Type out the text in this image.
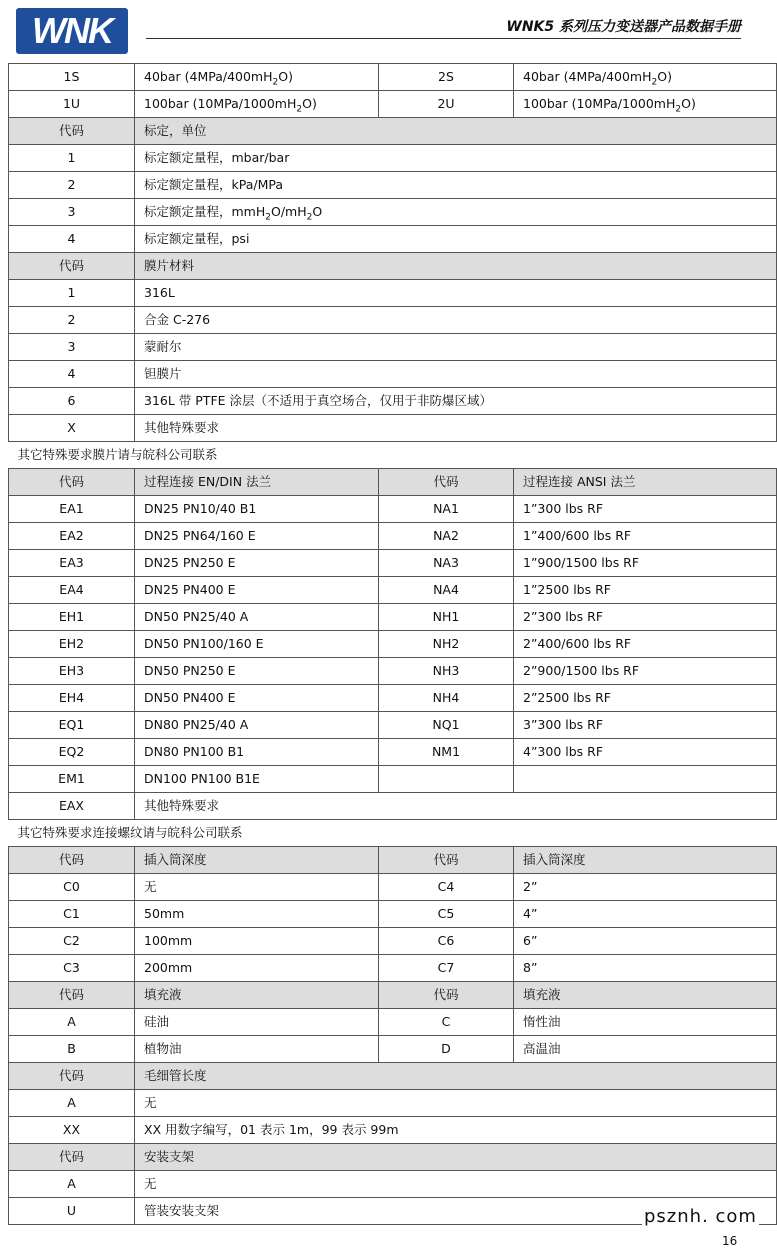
WNK	WNK5 系列压力变送器产品数据手册
1S	40bar $(4MPa/400mH_2O)$	2S	40bar $(4MPa/400mH_2O)$
1U	100bar $(10MPa/1000mH_2O)$	2U	100bar $(10MPa/1000mH_2O)$
代码	标定，单位		
1	标定额定量程，mbar/bar		
2	标定额定量程，kPa/MPa		
3	标定额定量程，$mmH_2O/mH_2O$		
4	标定额定量程，psi		
代码	膜片材料		
1	316L		
2	合金 C-276		
3	蒙耐尔		
4	钽膜片		
6	316L 带 PTFE 涂层（不适用于真空场合，仅用于非防爆区域）		
X	其他特殊要求		
其它特殊要求膜片请与皖科公司联系			
代码	过程连接 EN/DIN 法兰	代码	过程连接 ANSI 法兰
EA1	DN25 PN10/40 B1	NA1	1”300 lbs RF
EA2	DN25 PN64/160 E	NA2	1”400/600 lbs RF
EA3	DN25 PN250 E	NA3	1”900/1500 lbs RF
EA4	DN25 PN400 E	NA4	1”2500 lbs RF
EH1	DN50 PN25/40 A	NH1	2”300 lbs RF
EH2	DN50 PN100/160 E	NH2	2”400/600 lbs RF
EH3	DN50 PN250 E	NH3	2”900/1500 lbs RF
EH4	DN50 PN400 E	NH4	2”2500 lbs RF
EQ1	DN80 PN25/40 A	NQ1	3”300 lbs RF
EQ2	DN80 PN100 B1	NM1	4”300 lbs RF
EM1	DN100 PN100 B1E		
EAX	其他特殊要求		
其它特殊要求连接螺纹请与皖科公司联系			
代码	插入筒深度	代码	插入筒深度
C0	无	C4	2”
C1	50mm	C5	4”
C2	100mm	C6	6”
C3	200mm	C7	8”
代码	填充液	代码	填充液
A	硅油	C	惰性油
B	植物油	D	高温油
代码	毛细管长度		
A	无		
XX	XX 用数字编写，01 表示 1m，99 表示 99m		
代码	安装支架		
A	无		
U	管装安装支架			psznh. com
16
